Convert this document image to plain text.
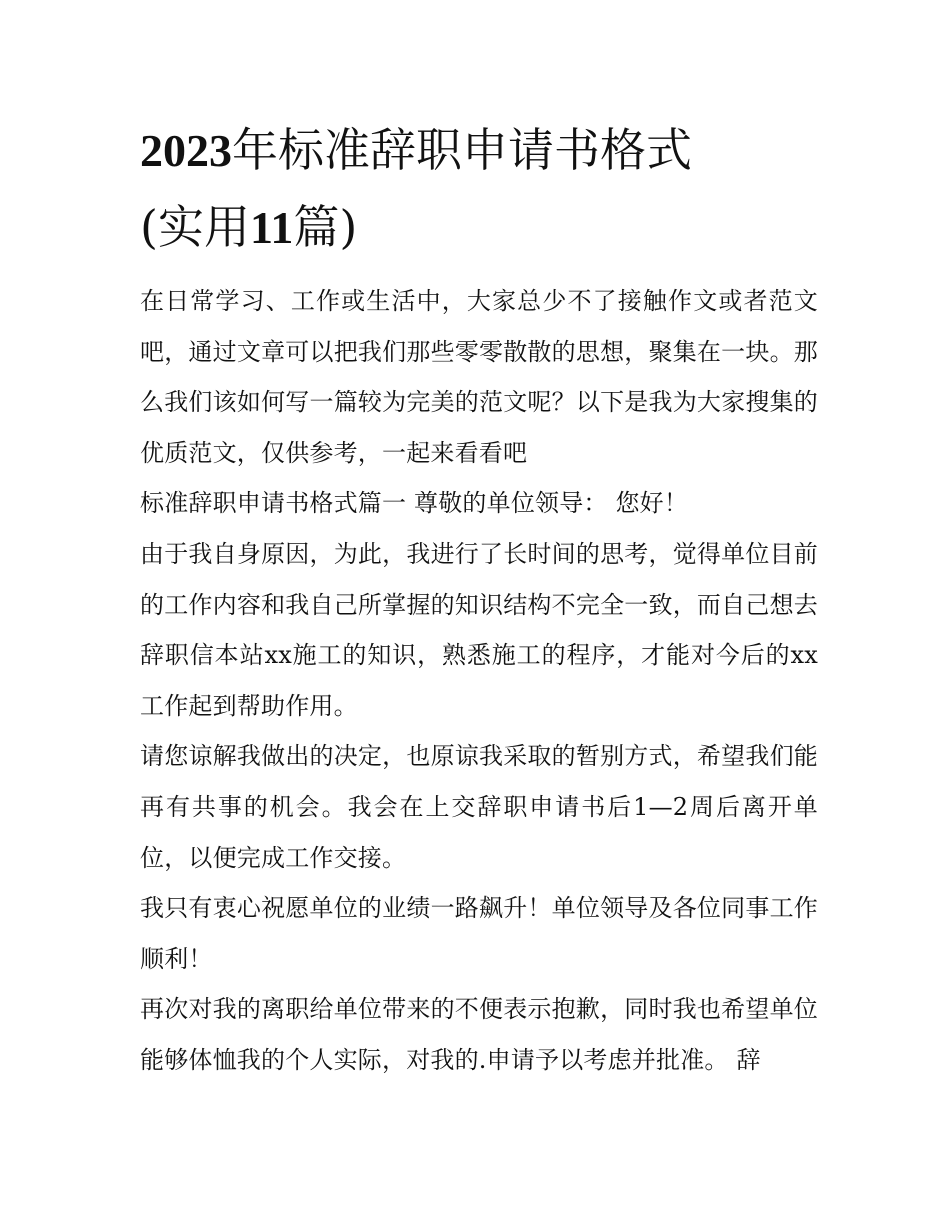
2023年标准辞职申请书格式
(实用11篇)

在日常学习、工作或生活中，大家总少不了接触作文或者范文吧，通过文章可以把我们那些零零散散的思想，聚集在一块。那么我们该如何写一篇较为完美的范文呢？以下是我为大家搜集的优质范文，仅供参考，一起来看看吧

标准辞职申请书格式篇一 尊敬的单位领导： 您好！

由于我自身原因，为此，我进行了长时间的思考，觉得单位目前的工作内容和我自己所掌握的知识结构不完全一致，而自己想去辞职信本站xx施工的知识，熟悉施工的程序，才能对今后的xx工作起到帮助作用。

请您谅解我做出的决定，也原谅我采取的暂别方式，希望我们能再有共事的机会。我会在上交辞职申请书后1—2周后离开单位，以便完成工作交接。

我只有衷心祝愿单位的业绩一路飙升！单位领导及各位同事工作顺利！

再次对我的离职给单位带来的不便表示抱歉，同时我也希望单位能够体恤我的个人实际，对我的.申请予以考虑并批准。 辞
